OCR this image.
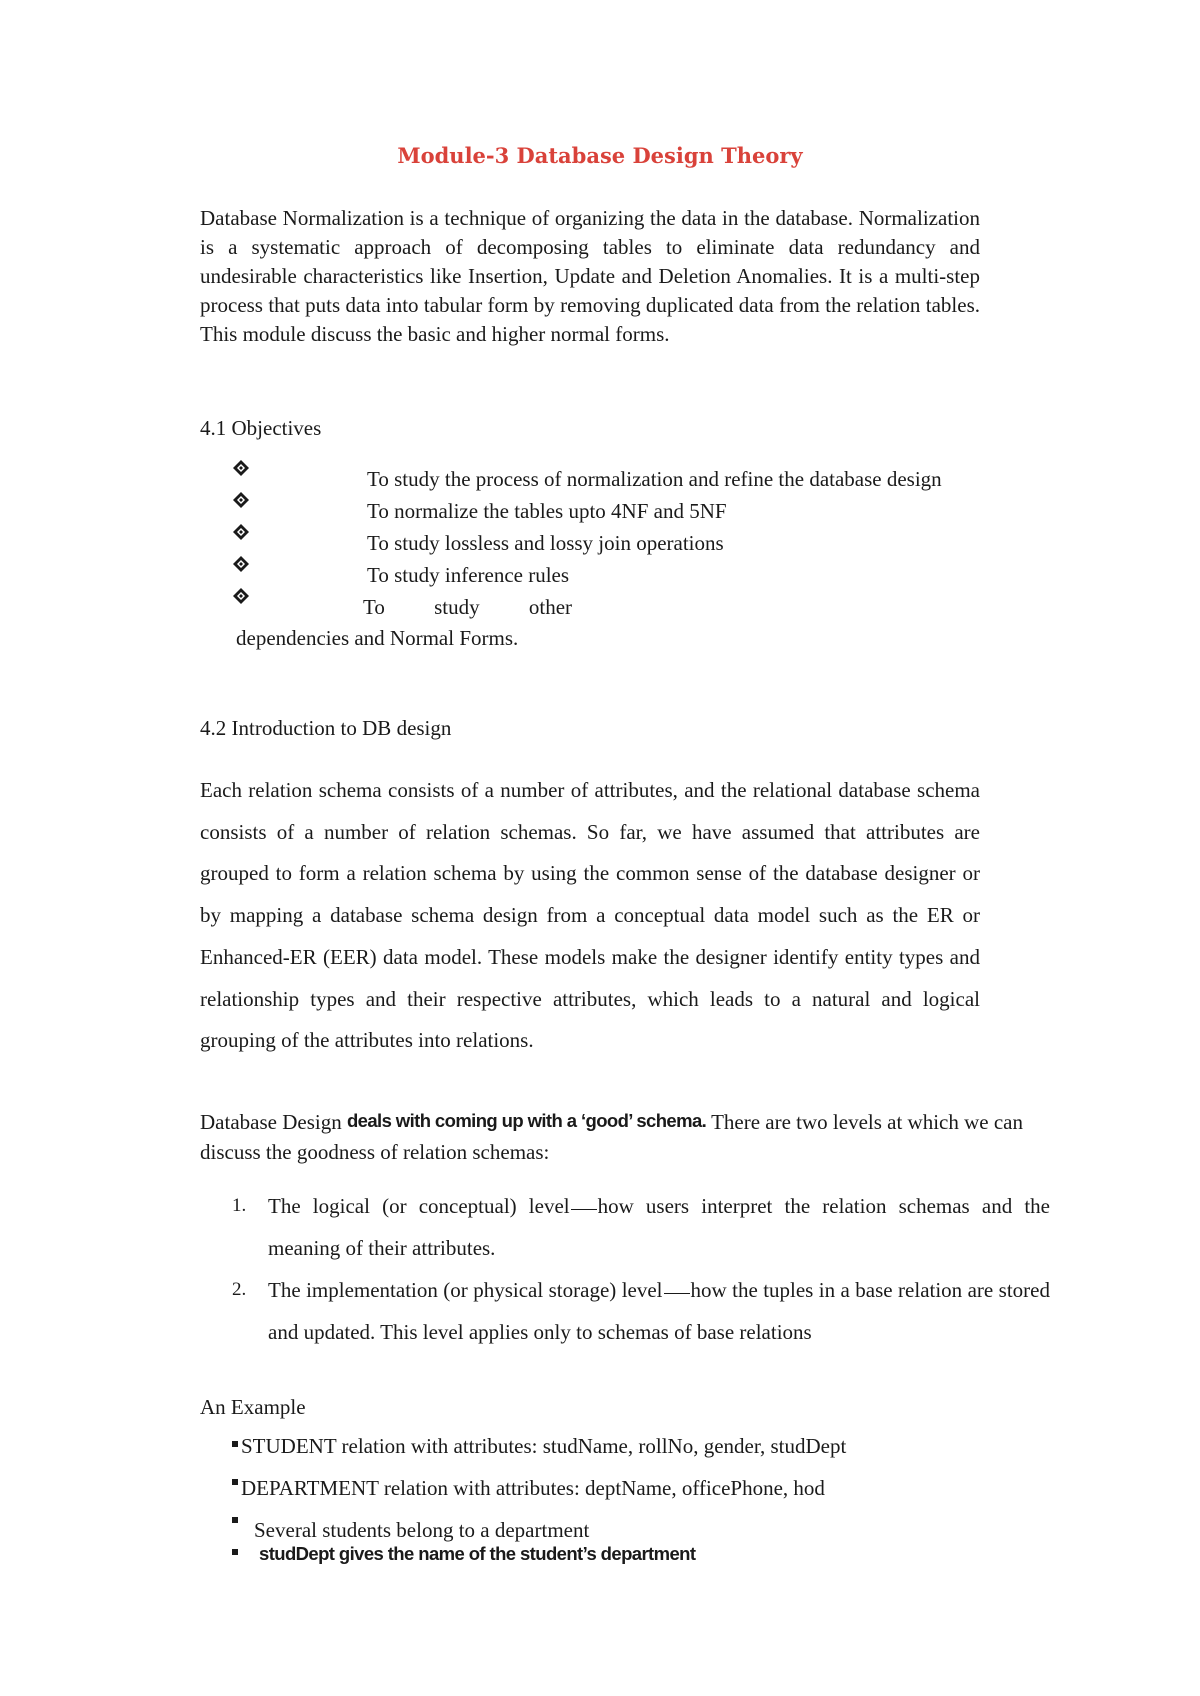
Module-3 Database Design Theory

Database Normalization is a technique of organizing the data in the database. Normalization is a systematic approach of decomposing tables to eliminate data redundancy and undesirable characteristics like Insertion, Update and Deletion Anomalies. It is a multi-step process that puts data into tabular form by removing duplicated data from the relation tables. This module discuss the basic and higher normal forms.

4.1 Objectives
To study the process of normalization and refine the database design
To normalize the tables upto 4NF and 5NF
To study lossless and lossy join operations
To study inference rules
To study other
dependencies and Normal Forms.
4.2 Introduction to DB design

Each relation schema consists of a number of attributes, and the relational database schema consists of a number of relation schemas. So far, we have assumed that attributes are grouped to form a relation schema by using the common sense of the database designer or by mapping a database schema design from a conceptual data model such as the ER or Enhanced-ER (EER) data model. These models make the designer identify entity types and relationship types and their respective attributes, which leads to a natural and logical grouping of the attributes into relations.

Database Design deals with coming up with a ‘good’ schema. There are two levels at which we can discuss the goodness of relation schemas:

1. The logical (or conceptual) level how users interpret the relation schemas and the meaning of their attributes.
2. The implementation (or physical storage) level how the tuples in a base relation are stored and updated. This level applies only to schemas of base relations
An Example
STUDENT relation with attributes: studName, rollNo, gender, studDept
DEPARTMENT relation with attributes: deptName, officePhone, hod
Several students belong to a department
studDept gives the name of the student’s department
